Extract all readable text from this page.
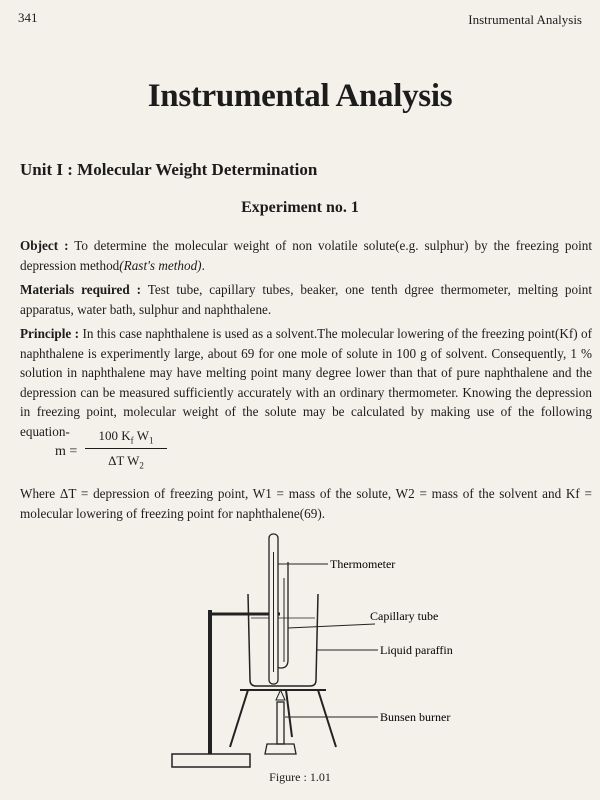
341	Instrumental Analysis
Instrumental Analysis
Unit I : Molecular Weight Determination
Experiment no. 1
Object : To determine the molecular weight of non volatile solute(e.g. sulphur) by the freezing point depression method(Rast's method).
Materials required : Test tube, capillary tubes, beaker, one tenth dgree thermometer, melting point apparatus, water bath, sulphur and naphthalene.
Principle : In this case naphthalene is used as a solvent.The molecular lowering of the freezing point(Kf) of naphthalene is experimently large, about 69 for one mole of solute in 100 g of solvent. Consequently, 1 % solution in naphthalene may have melting point many degree lower than that of pure naphthalene and the depression can be measured sufficiently accurately with an ordinary thermometer. Knowing the depression in freezing point, molecular weight of the solute may be calculated by making use of the following equation-
$m = \frac{100 K_f W_1}{\Delta T W_2}$
Where ΔT = depression of freezing point, W1 = mass of the solute, W2 = mass of the solvent and Kf = molecular lowering of freezing point for naphthalene(69).
Thermometer
Capillary tube
Liquid paraffin
Bunsen burner
Figure : 1.01
